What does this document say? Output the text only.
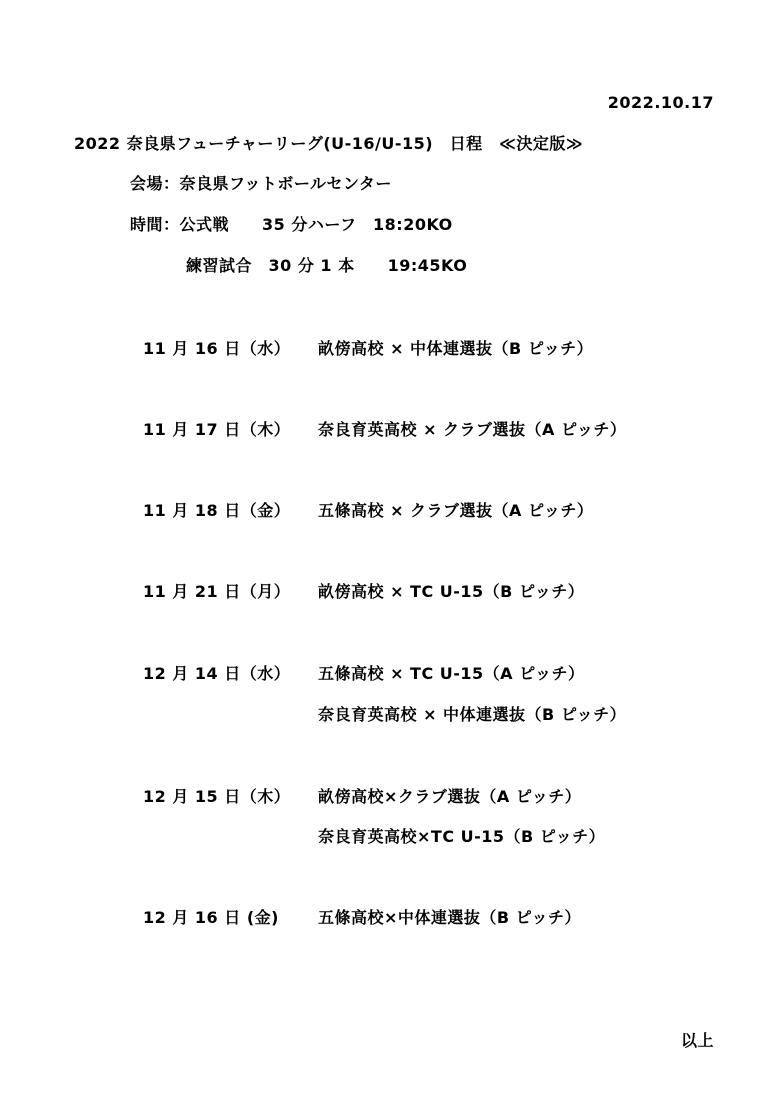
2022.10.17
2022 奈良県フューチャーリーグ(U-16/U-15)　日程　≪決定版≫
会場：奈良県フットボールセンター
時間：公式戦　　35 分ハーフ　18:20KO
練習試合　30 分 1 本　　19:45KO
11 月 16 日（水） 畝傍高校 × 中体連選抜（B ピッチ）
11 月 17 日（木） 奈良育英高校 × クラブ選抜（A ピッチ）
11 月 18 日（金） 五條高校 × クラブ選抜（A ピッチ）
11 月 21 日（月） 畝傍高校 × TC U-15（B ピッチ）
12 月 14 日（水） 五條高校 × TC U-15（A ピッチ）
奈良育英高校 × 中体連選抜（B ピッチ）
12 月 15 日（木） 畝傍高校×クラブ選抜（A ピッチ）
奈良育英高校×TC U-15（B ピッチ）
12 月 16 日 (金) 五條高校×中体連選抜（B ピッチ）
以上
